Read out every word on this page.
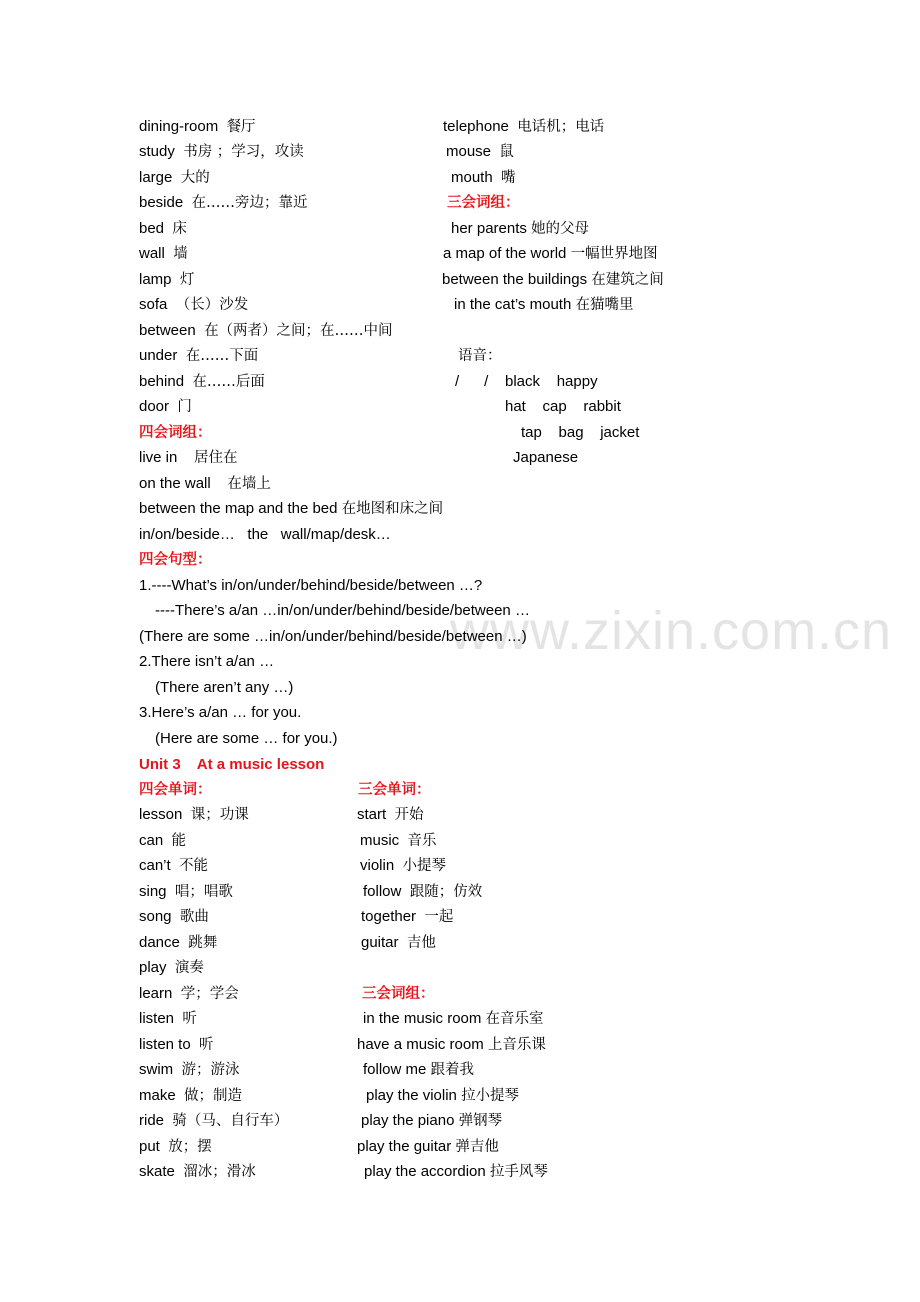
www.zixin.com.cn
dining-room 餐厅
study 书房 ；学习，攻读
large 大的
beside 在……旁边；靠近
bed 床
wall 墙
lamp 灯
sofa （长）沙发
between 在（两者）之间；在……中间
under 在……下面
behind 在……后面
door 门
四会词组：
live in 居住在
on the wall 在墙上
between the map and the bed 在地图和床之间
in/on/beside…   the   wall/map/desk…
四会句型：
1.----What’s in/on/under/behind/beside/between …?
----There’s a/an …in/on/under/behind/beside/between …
(There are some …in/on/under/behind/beside/between …)
2.There isn’t a/an …
(There aren’t any …)
3.Here’s a/an … for you.
(Here are some … for you.)
telephone 电话机；电话
mouse 鼠
mouth 嘴
三会词组：
her parents 她的父母
a map of the world 一幅世界地图
between the buildings 在建筑之间
in the cat’s mouth 在猫嘴里
语音：
/      /    black    happy
hat    cap    rabbit
tap    bag    jacket
Japanese
Unit 3    At a music lesson
四会单词：	三会单词：
lesson 课；功课
can 能
can’t 不能
sing 唱；唱歌
song 歌曲
dance 跳舞
play 演奏
learn 学；学会
listen 听
listen to 听
swim 游；游泳
make 做；制造
ride 骑（马、自行车）
put 放；摆
skate 溜冰；滑冰
start 开始
music 音乐
violin 小提琴
follow 跟随；仿效
together 一起
guitar 吉他
三会词组：
in the music room 在音乐室
have a music room 上音乐课
follow me 跟着我
play the violin 拉小提琴
play the piano 弹钢琴
play the guitar 弹吉他
play the accordion 拉手风琴
